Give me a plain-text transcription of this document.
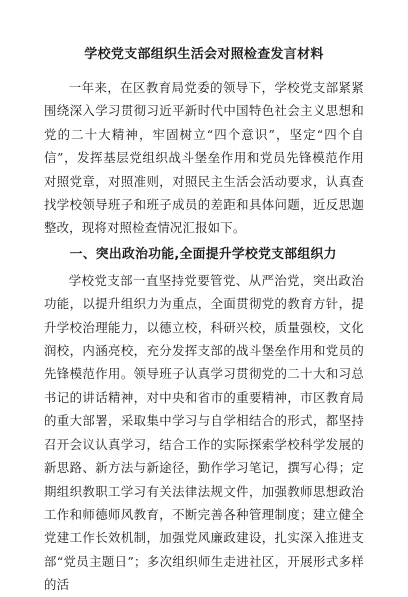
学校党支部组织生活会对照检查发言材料

一年来，在区教育局党委的领导下，学校党支部紧紧围绕深入学习贯彻习近平新时代中国特色社会主义思想和党的二十大精神，牢固树立“四个意识”，坚定“四个自信”，发挥基层党组织战斗堡垒作用和党员先锋模范作用对照党章，对照准则，对照民主生活会活动要求，认真查找学校领导班子和班子成员的差距和具体问题，近反思迦整改，现将对照检查情况汇报如下。

一、突出政治功能,全面提升学校党支部组织力

学校党支部一直坚持党要管党、从严治党，突出政治功能，以提升组织力为重点，全面贯彻党的教育方针，提升学校治理能力，以德立校，科研兴校，质量强校，文化润校，内涵亮校，充分发挥支部的战斗堡垒作用和党员的先锋模范作用。领导班子认真学习贯彻党的二十大和习总书记的讲话精神，对中央和省市的重要精神，市区教育局的重大部署，采取集中学习与自学相结合的形式，都坚持召开会议认真学习，结合工作的实际探索学校科学发展的新思路、新方法与新途径，勤作学习笔记，撰写心得；定期组织教职工学习有关法律法规文件，加强教师思想政治工作和师德师风教育，不断完善各种管理制度；建立健全党建工作长效机制，加强党风廉政建设，扎实深入推进支部“党员主题日”；多次组织师生走进社区，开展形式多样的活
